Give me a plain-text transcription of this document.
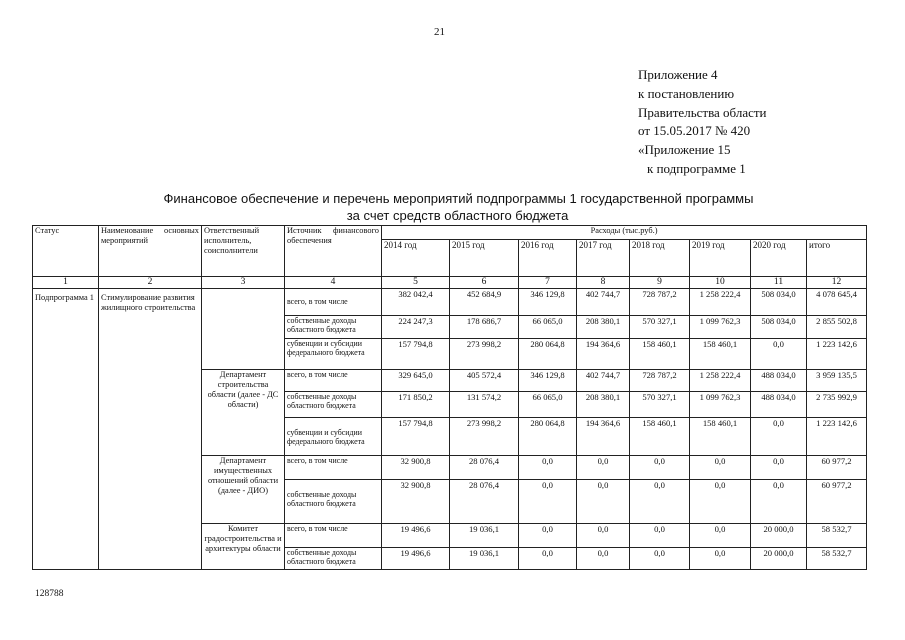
21
Приложение 4
к постановлению
Правительства области
от 15.05.2017 № 420
«Приложение 15
к подпрограмме 1
Финансовое обеспечение и перечень мероприятий подпрограммы 1 государственной программы
за счет средств областного бюджета
Статус	Наименование основных мероприятий	Ответственный исполнитель, соисполнители	Источник финансового обеспечения	Расходы (тыс.руб.)							
				2014 год	2015 год	2016 год	2017 год	2018 год	2019 год	2020 год	итого
1	2	3	4	5	6	7	8	9	10	11	12
Подпрограмма 1	Стимулирование развития жилищного строительства		всего, в том числе	382 042,4	452 684,9	346 129,8	402 744,7	728 787,2	1 258 222,4	508 034,0	4 078 645,4
			собственные доходы областного бюджета	224 247,3	178 686,7	66 065,0	208 380,1	570 327,1	1 099 762,3	508 034,0	2 855 502,8
			субвенции и субсидии федерального бюджета	157 794,8	273 998,2	280 064,8	194 364,6	158 460,1	158 460,1	0,0	1 223 142,6
		Департамент строительства области (далее - ДС области)	всего, в том числе	329 645,0	405 572,4	346 129,8	402 744,7	728 787,2	1 258 222,4	488 034,0	3 959 135,5
			собственные доходы областного бюджета	171 850,2	131 574,2	66 065,0	208 380,1	570 327,1	1 099 762,3	488 034,0	2 735 992,9
			субвенции и субсидии федерального бюджета	157 794,8	273 998,2	280 064,8	194 364,6	158 460,1	158 460,1	0,0	1 223 142,6
		Департамент имущественных отношений области (далее - ДИО)	всего, в том числе	32 900,8	28 076,4	0,0	0,0	0,0	0,0	0,0	60 977,2
			собственные доходы областного бюджета	32 900,8	28 076,4	0,0	0,0	0,0	0,0	0,0	60 977,2
		Комитет градостроительства и архитектуры области	всего, в том числе	19 496,6	19 036,1	0,0	0,0	0,0	0,0	20 000,0	58 532,7
			собственные доходы областного бюджета	19 496,6	19 036,1	0,0	0,0	0,0	0,0	20 000,0	58 532,7
128788
